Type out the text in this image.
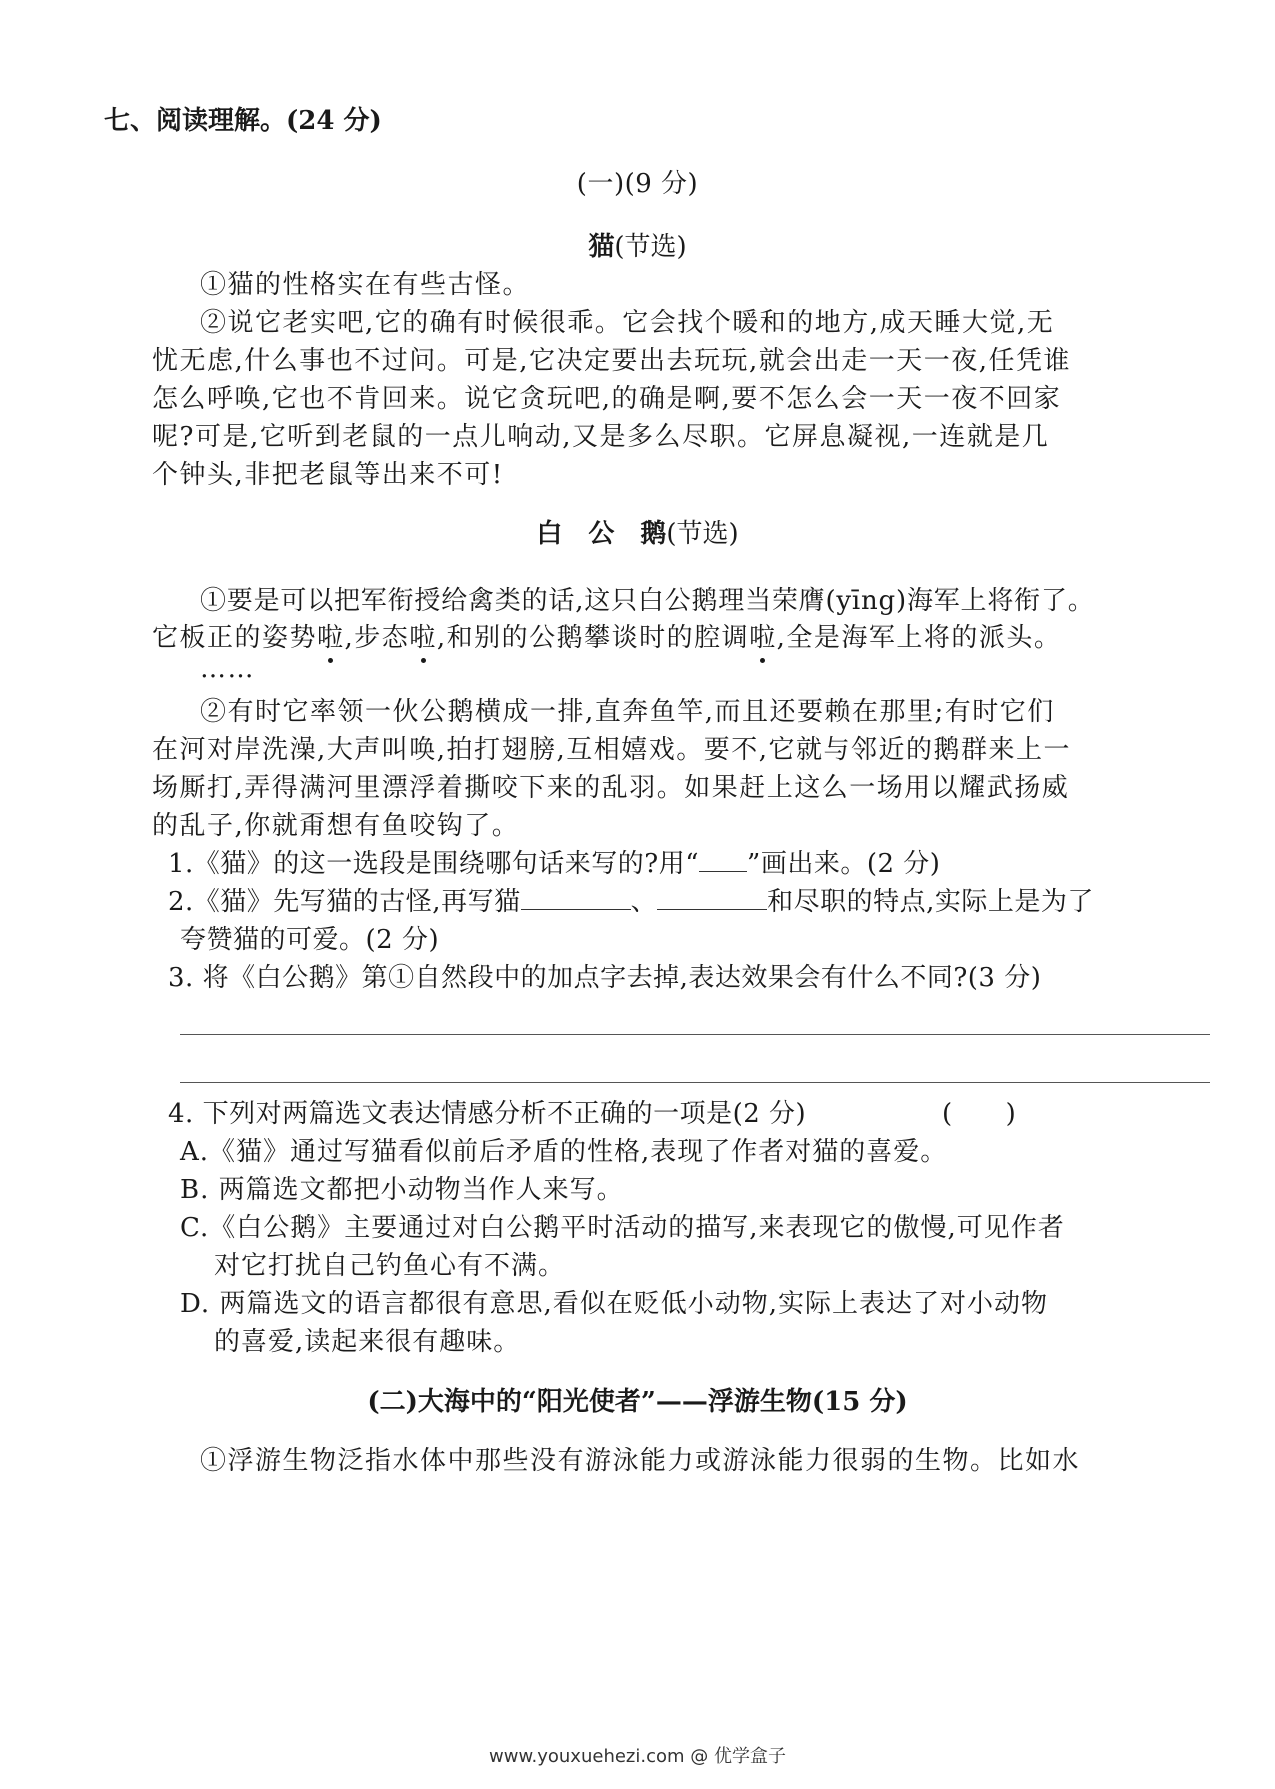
七、阅读理解。(24 分)
(一)(9 分)
猫(节选)
①猫的性格实在有些古怪。
②说它老实吧,它的确有时候很乖。它会找个暖和的地方,成天睡大觉,无
忧无虑,什么事也不过问。可是,它决定要出去玩玩,就会出走一天一夜,任凭谁
怎么呼唤,它也不肯回来。说它贪玩吧,的确是啊,要不怎么会一天一夜不回家
呢?可是,它听到老鼠的一点儿响动,又是多么尽职。它屏息凝视,一连就是几
个钟头,非把老鼠等出来不可!
白　公　鹅(节选)
①要是可以把军衔授给禽类的话,这只白公鹅理当荣膺(yīng)海军上将衔了。
它板正的姿势啦,步态啦,和别的公鹅攀谈时的腔调啦,全是海军上将的派头。
……
②有时它率领一伙公鹅横成一排,直奔鱼竿,而且还要赖在那里;有时它们
在河对岸洗澡,大声叫唤,拍打翅膀,互相嬉戏。要不,它就与邻近的鹅群来上一
场厮打,弄得满河里漂浮着撕咬下来的乱羽。如果赶上这么一场用以耀武扬威
的乱子,你就甭想有鱼咬钩了。
1.《猫》的这一选段是围绕哪句话来写的?用“ ”画出来。(2 分)
2.《猫》先写猫的古怪,再写猫	、	和尽职的特点,实际上是为了
夸赞猫的可爱。(2 分)
3. 将《白公鹅》第①自然段中的加点字去掉,表达效果会有什么不同?(3 分)
4. 下列对两篇选文表达情感分析不正确的一项是(2 分)	(　　)
A.《猫》通过写猫看似前后矛盾的性格,表现了作者对猫的喜爱。
B. 两篇选文都把小动物当作人来写。
C.《白公鹅》主要通过对白公鹅平时活动的描写,来表现它的傲慢,可见作者
对它打扰自己钓鱼心有不满。
D. 两篇选文的语言都很有意思,看似在贬低小动物,实际上表达了对小动物
的喜爱,读起来很有趣味。
(二)大海中的“阳光使者”——浮游生物(15 分)
①浮游生物泛指水体中那些没有游泳能力或游泳能力很弱的生物。比如水
www.youxuehezi.com @ 优学盒子
